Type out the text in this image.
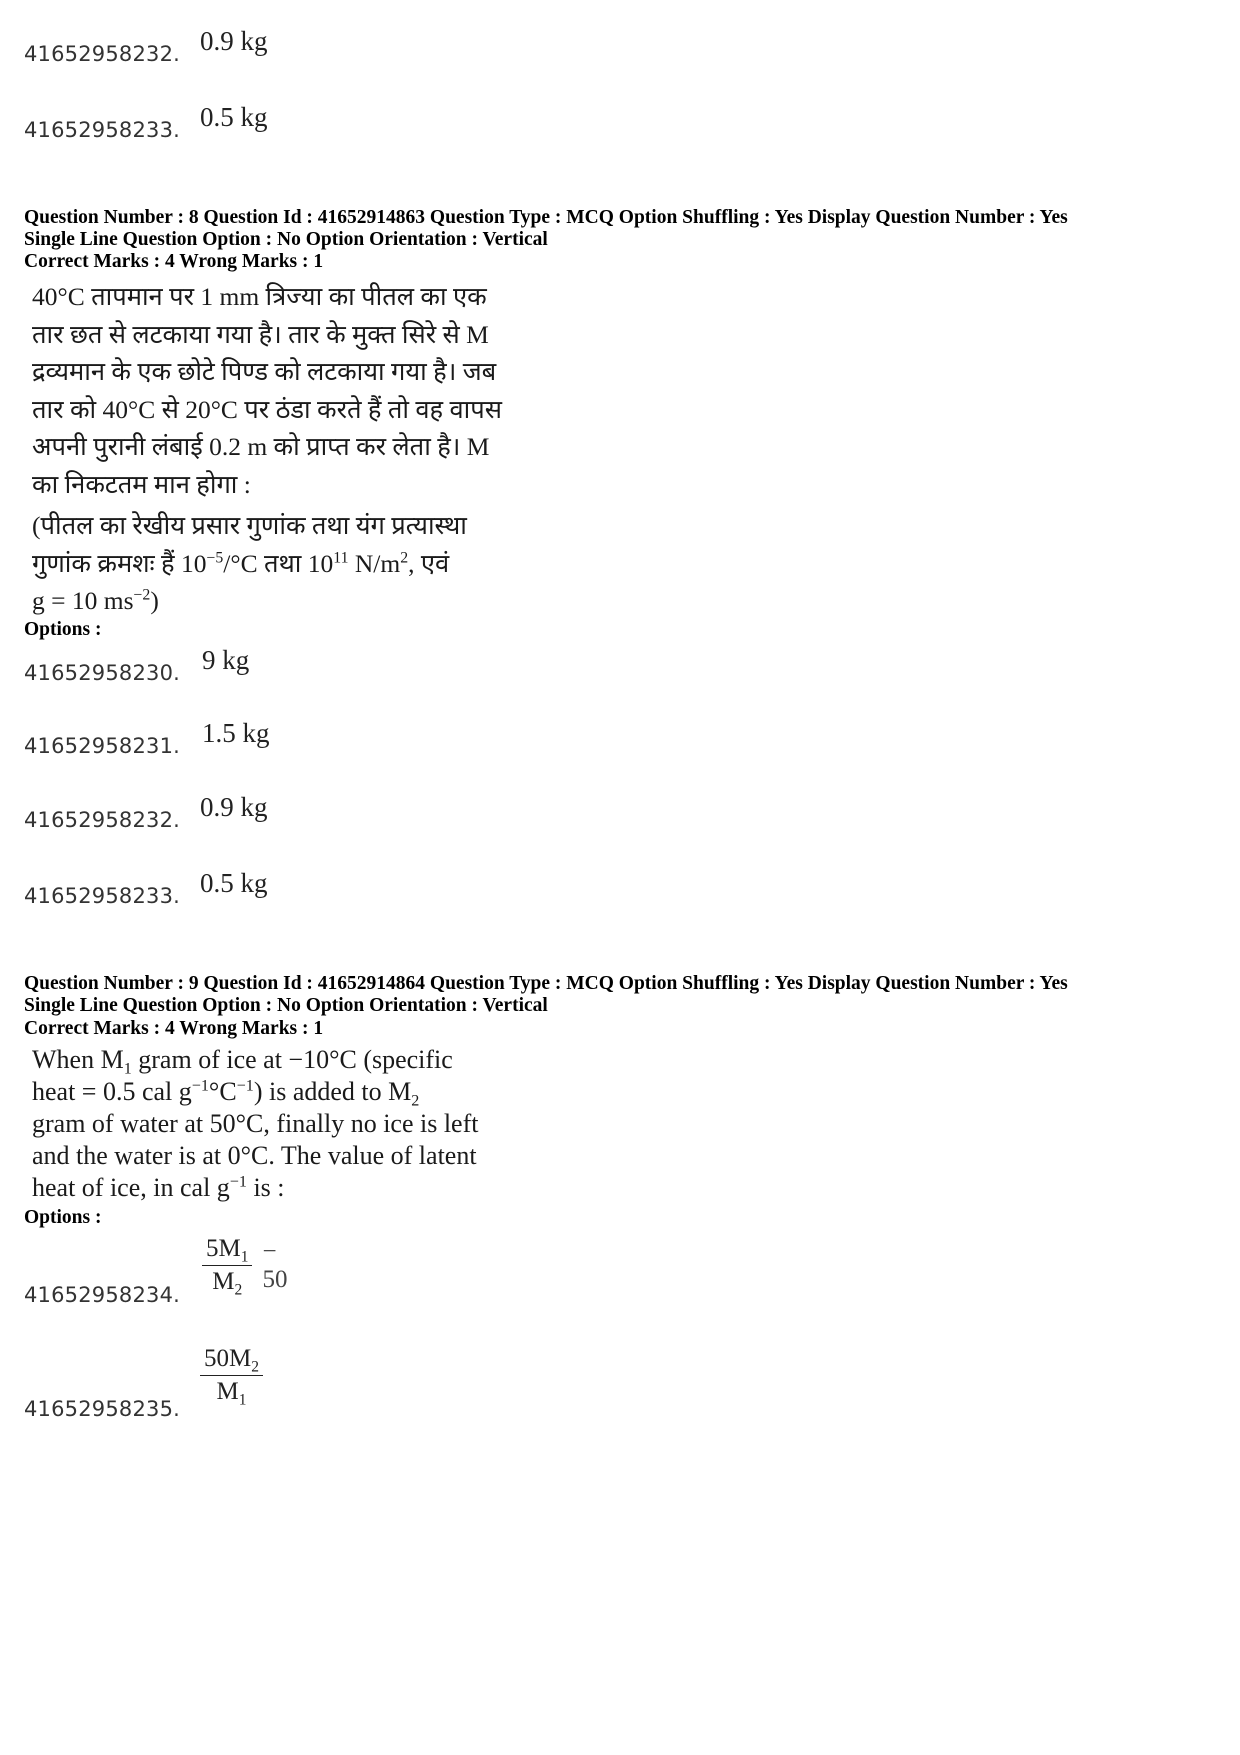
41652958232. 0.9 kg
41652958233. 0.5 kg
Question Number : 8 Question Id : 41652914863 Question Type : MCQ Option Shuffling : Yes Display Question Number : Yes
Single Line Question Option : No Option Orientation : Vertical
Correct Marks : 4 Wrong Marks : 1
40°C तापमान पर 1 mm त्रिज्या का पीतल का एक
तार छत से लटकाया गया है। तार के मुक्त सिरे से M
द्रव्यमान के एक छोटे पिण्ड को लटकाया गया है। जब
तार को 40°C से 20°C पर ठंडा करते हैं तो वह वापस
अपनी पुरानी लंबाई 0.2 m को प्राप्त कर लेता है। M
का निकटतम मान होगा :
(पीतल का रेखीय प्रसार गुणांक तथा यंग प्रत्यास्था
गुणांक क्रमशः हैं $10^{-5}/^\circ C$ तथा $10^{11}$ $N/m^2$, एवं
g = 10 $ms^{-2}$)
Options :
41652958230. 9 kg
41652958231. 1.5 kg
41652958232. 0.9 kg
41652958233. 0.5 kg
Question Number : 9 Question Id : 41652914864 Question Type : MCQ Option Shuffling : Yes Display Question Number : Yes
Single Line Question Option : No Option Orientation : Vertical
Correct Marks : 4 Wrong Marks : 1
When $M_1$ gram of ice at −10°C (specific
heat = 0.5 cal $g^{-1}^\circ C^{-1}$) is added to $M_2$
gram of water at 50°C, finally no ice is left
and the water is at 0°C. The value of latent
heat of ice, in cal $g^{-1}$ is :
Options :
41652958234. $\frac{5M_1}{M_2} - 50$
41652958235.
$\frac{50M_2}{M_1}$
